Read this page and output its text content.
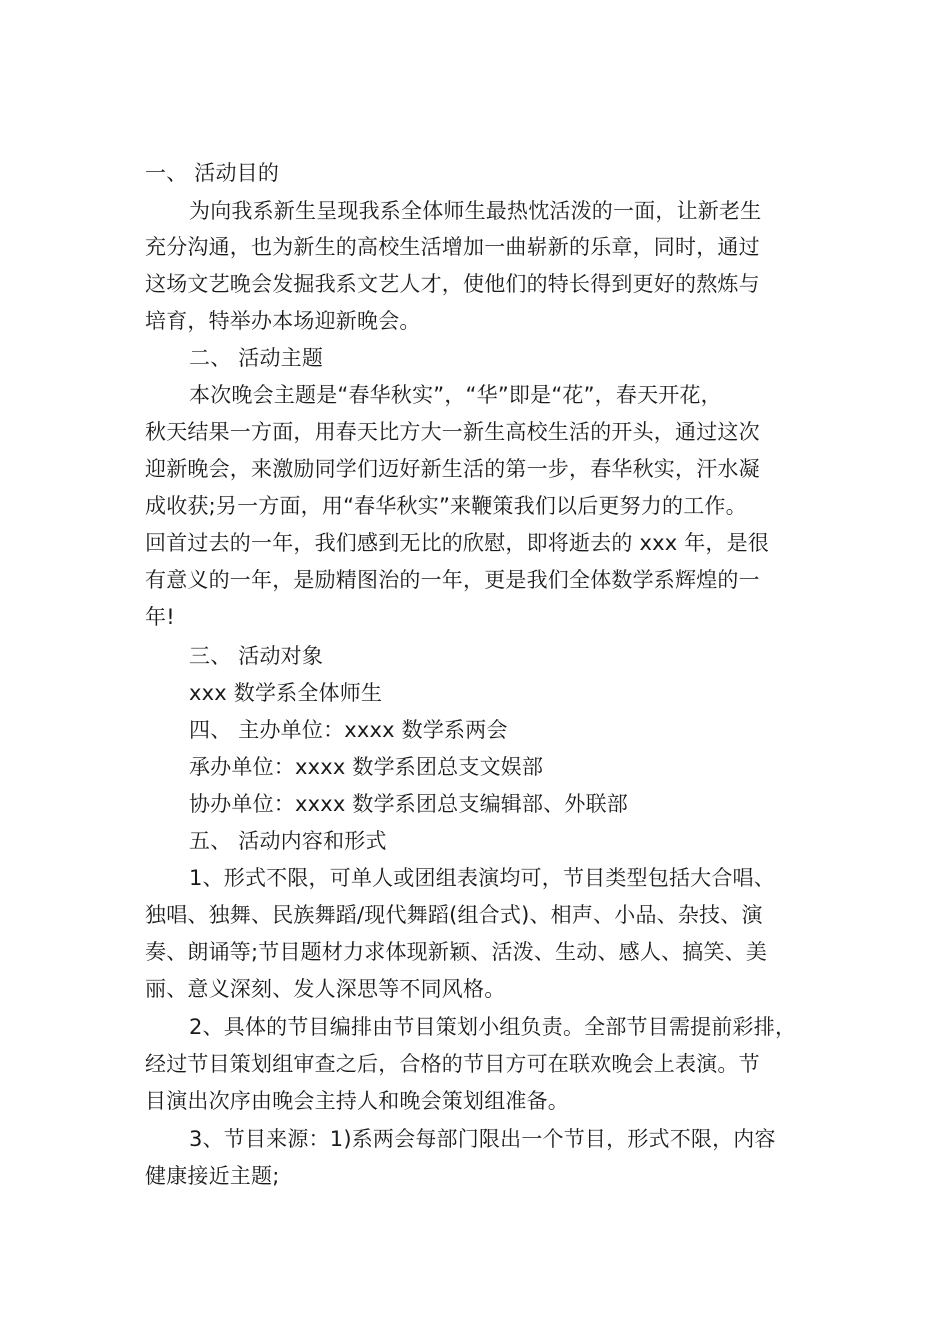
一、 活动目的
为向我系新生呈现我系全体师生最热忱活泼的一面，让新老生
充分沟通，也为新生的高校生活增加一曲崭新的乐章，同时，通过
这场文艺晚会发掘我系文艺人才，使他们的特长得到更好的熬炼与
培育，特举办本场迎新晚会。
二、 活动主题
本次晚会主题是“春华秋实”，“华”即是“花”，春天开花，
秋天结果一方面，用春天比方大一新生高校生活的开头，通过这次
迎新晚会，来激励同学们迈好新生活的第一步，春华秋实，汗水凝
成收获;另一方面，用“春华秋实”来鞭策我们以后更努力的工作。
回首过去的一年，我们感到无比的欣慰，即将逝去的 xxx 年，是很
有意义的一年，是励精图治的一年，更是我们全体数学系辉煌的一
年!
三、 活动对象
xxx 数学系全体师生
四、 主办单位：xxxx 数学系两会
承办单位：xxxx 数学系团总支文娱部
协办单位：xxxx 数学系团总支编辑部、外联部
五、 活动内容和形式
1、形式不限，可单人或团组表演均可，节目类型包括大合唱、
独唱、独舞、民族舞蹈/现代舞蹈(组合式)、相声、小品、杂技、演
奏、朗诵等;节目题材力求体现新颖、活泼、生动、感人、搞笑、美
丽、意义深刻、发人深思等不同风格。
2、具体的节目编排由节目策划小组负责。全部节目需提前彩排，
经过节目策划组审查之后，合格的节目方可在联欢晚会上表演。节
目演出次序由晚会主持人和晚会策划组准备。
3、节目来源：1)系两会每部门限出一个节目，形式不限，内容
健康接近主题;
